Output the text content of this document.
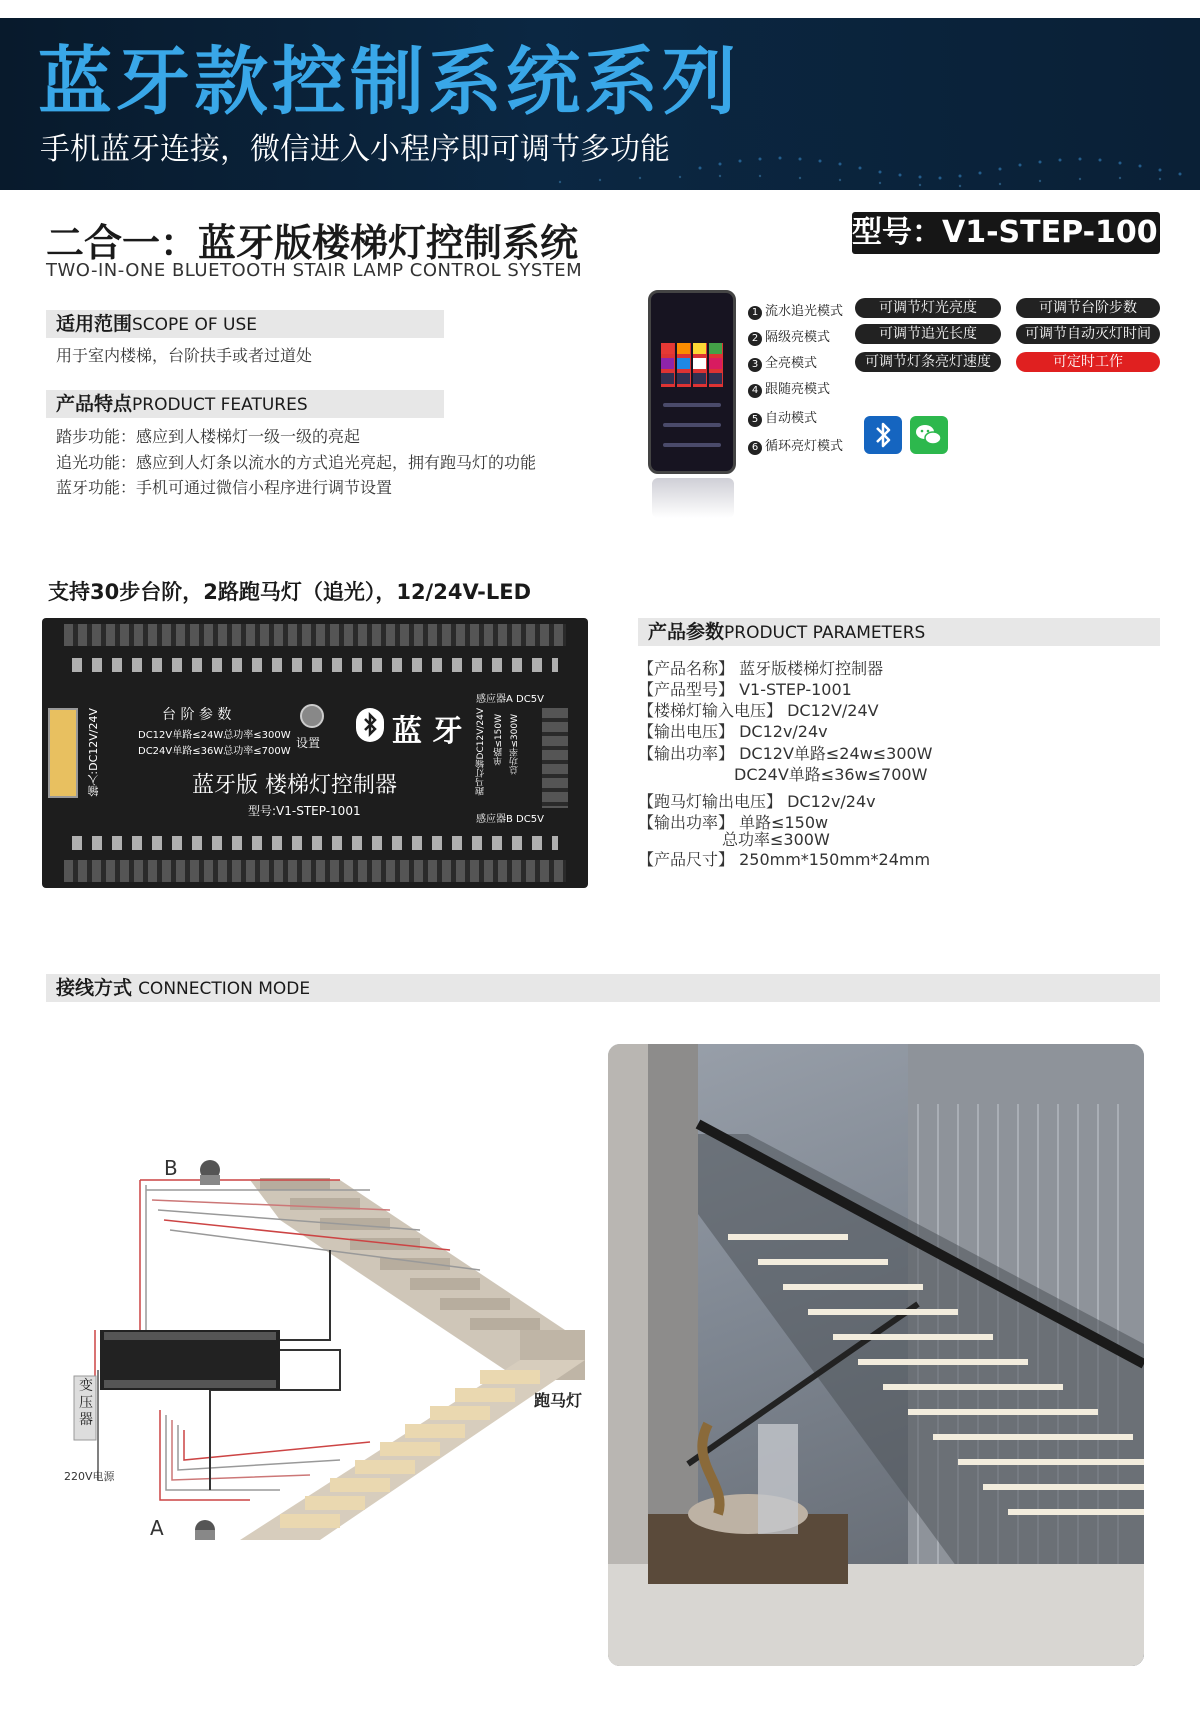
蓝牙款控制系统系列
手机蓝牙连接，微信进入小程序即可调节多功能
二合一：蓝牙版楼梯灯控制系统
TWO-IN-ONE BLUETOOTH STAIR LAMP CONTROL SYSTEM
型号：V1-STEP-1001
适用范围SCOPE OF USE
用于室内楼梯，台阶扶手或者过道处
产品特点PRODUCT FEATURES
踏步功能：感应到人楼梯灯一级一级的亮起
追光功能：感应到人灯条以流水的方式追光亮起，拥有跑马灯的功能
蓝牙功能：手机可通过微信小程序进行调节设置
1 流水追光模式
2 隔级亮模式
3 全亮模式
4 跟随亮模式
5 自动模式
6 循环亮灯模式
可调节灯光亮度	可调节台阶步数
可调节追光长度	可调节自动灭灯时间
可调节灯条亮灯速度	可定时工作
支持30步台阶，2路跑马灯（追光），12/24V-LED
输入:DC12V/24V	台 阶 参 数
DC12V单路≤24W总功率≤300W
DC24V单路≤36W总功率≤700W
设置 蓝 牙
蓝牙版 楼梯灯控制器
型号:V1-STEP-1001
感应器A DC5V
感应器B DC5V
跑马灯输DC12V/24V 单路≤150W 总功率≤300W
产品参数PRODUCT PARAMETERS
【产品名称】 蓝牙版楼梯灯控制器
【产品型号】 V1-STEP-1001
【楼梯灯输入电压】 DC12V/24V
【输出电压】 DC12v/24v
【输出功率】 DC12V单路≤24w≤300W
DC24V单路≤36w≤700W
【跑马灯输出电压】 DC12v/24v
【输出功率】 单路≤150w
总功率≤300W
【产品尺寸】 250mm*150mm*24mm
接线方式 CONNECTION MODE
B
A
变压器
220V电源
跑马灯
